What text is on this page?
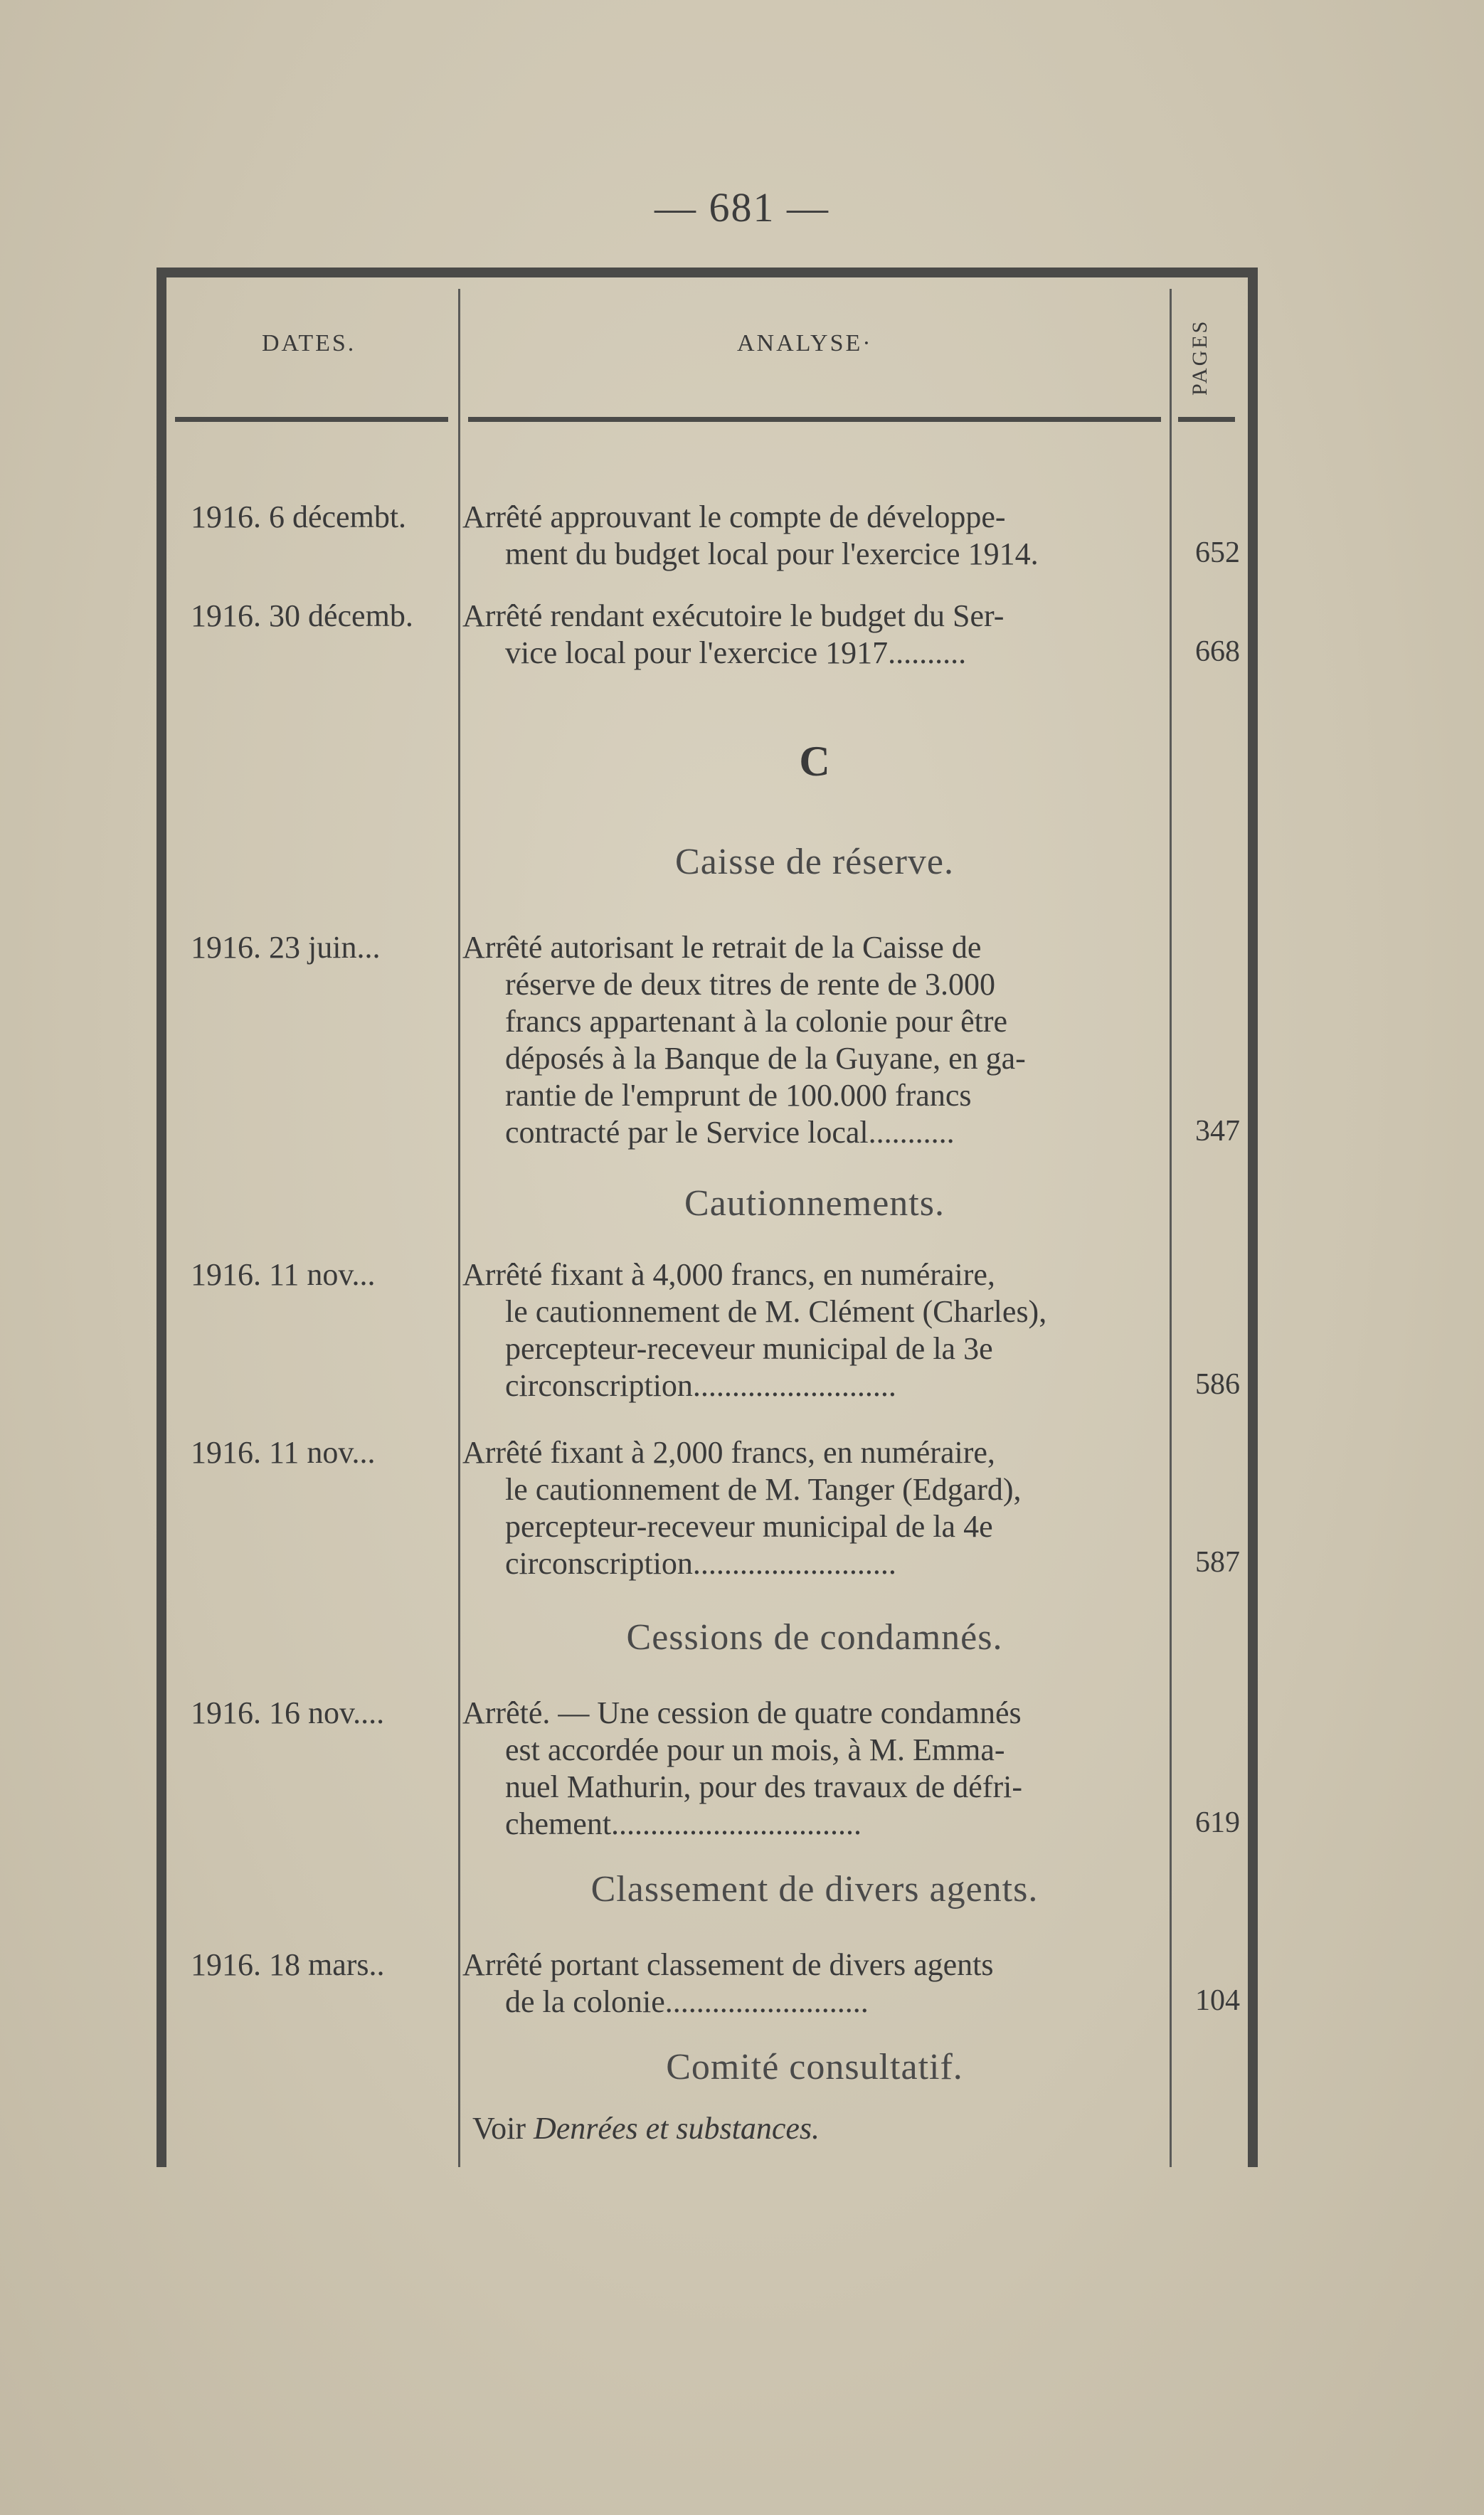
— 681 —
DATES.	ANALYSE·	PAGES
1916. 6 décembt.	Arrêté approuvant le compte de développe-
ment du budget local pour l'exercice 1914.	652
1916. 30 décemb.	Arrêté rendant exécutoire le budget du Ser-
vice local pour l'exercice 1917..........	668
C
Caisse de réserve.
1916. 23 juin...	Arrêté autorisant le retrait de la Caisse de
réserve de deux titres de rente de 3.000
francs appartenant à la colonie pour être
déposés à la Banque de la Guyane, en ga-
rantie de l'emprunt de 100.000 francs
contracté par le Service local...........	347
Cautionnements.
1916. 11 nov...	Arrêté fixant à 4,000 francs, en numéraire,
le cautionnement de M. Clément (Charles),
percepteur-receveur municipal de la 3e
circonscription..........................	586
1916. 11 nov...	Arrêté fixant à 2,000 francs, en numéraire,
le cautionnement de M. Tanger (Edgard),
percepteur-receveur municipal de la 4e
circonscription..........................	587
Cessions de condamnés.
1916. 16 nov....	Arrêté. — Une cession de quatre condamnés
est accordée pour un mois, à M. Emma-
nuel Mathurin, pour des travaux de défri-
chement................................	619
Classement de divers agents.
1916. 18 mars..	Arrêté portant classement de divers agents
de la colonie..........................	104
Comité consultatif.
Voir Denrées et substances.
